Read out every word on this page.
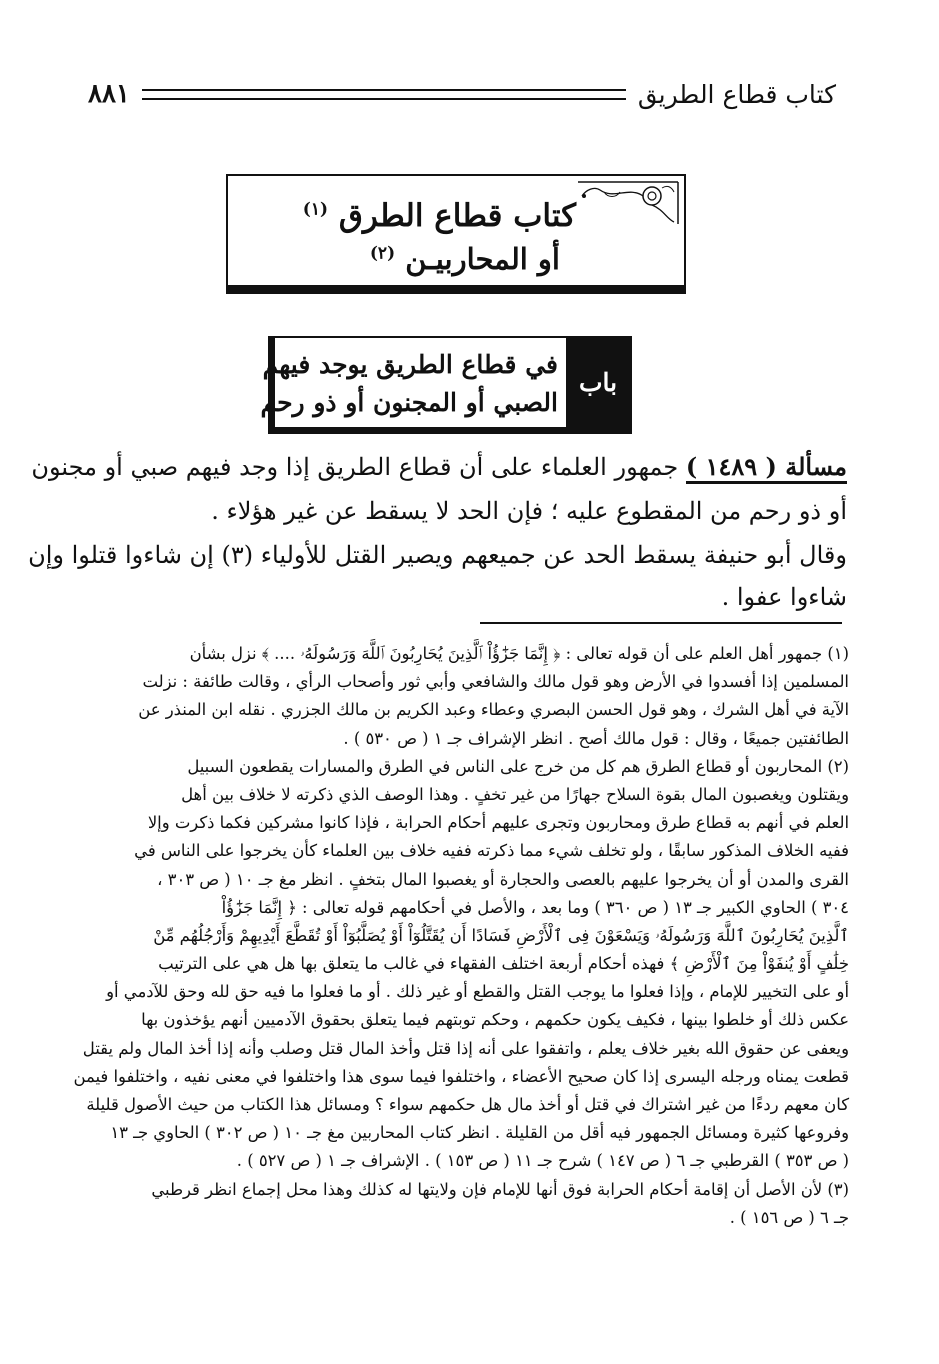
كتاب قطاع الطريق
٨٨١
كتاب قطاع الطرق $^{(١)}$
أو المحاربيـن $^{(٢)}$
باب
في قطاع الطريق يوجد فيهم
الصبي أو المجنون أو ذو رحم
مسألة ( ١٤٨٩ ) جمهور العلماء على أن قطاع الطريق إذا وجد فيهم صبي أو مجنون
أو ذو رحم من المقطوع عليه ؛ فإن الحد لا يسقط عن غير هؤلاء .
وقال أبو حنيفة يسقط الحد عن جميعهم ويصير القتل للأولياء (٣) إن شاءوا قتلوا وإن
شاءوا عفوا .
(١) جمهور أهل العلم على أن قوله تعالى : ﴿ إِنَّمَا جَزَٰٓؤُاْ ٱلَّذِينَ يُحَارِبُونَ ٱللَّهَ وَرَسُولَهُۥ .... ﴾ نزل بشأن
المسلمين إذا أفسدوا في الأرض وهو قول مالك والشافعي وأبي ثور وأصحاب الرأي ، وقالت طائفة : نزلت
الآية في أهل الشرك ، وهو قول الحسن البصري وعطاء وعبد الكريم بن مالك الجزري . نقله ابن المنذر عن
الطائفتين جميعًا ، وقال : قول مالك أصح . انظر الإشراف جـ ١ ( ص ٥٣٠ ) .
(٢) المحاربون أو قطاع الطرق هم كل من خرج على الناس في الطرق والمسارات يقطعون السبيل
ويقتلون ويغصبون المال بقوة السلاح جهارًا من غير تخفٍ . وهذا الوصف الذي ذكرته لا خلاف بين أهل
العلم في أنهم به قطاع طرق ومحاربون وتجرى عليهم أحكام الحرابة ، فإذا كانوا مشركين فكما ذكرت وإلا
ففيه الخلاف المذكور سابقًا ، ولو تخلف شيء مما ذكرته ففيه خلاف بين العلماء كأن يخرجوا على الناس في
القرى والمدن أو أن يخرجوا عليهم بالعصى والحجارة أو يغصبوا المال بتخفٍ . انظر مغ جـ ١٠ ( ص ٣٠٣ ،
٣٠٤ ) الحاوي الكبير جـ ١٣ ( ص ٣٦٠ ) وما بعد ، والأصل في أحكامهم قوله تعالى : ﴿ إِنَّمَا جَزَٰٓؤُاْ
ٱلَّذِينَ يُحَارِبُونَ ٱللَّهَ وَرَسُولَهُۥ وَيَسْعَوْنَ فِى ٱلْأَرْضِ فَسَادًا أَن يُقَتَّلُوٓاْ أَوْ يُصَلَّبُوٓاْ أَوْ تُقَطَّعَ أَيْدِيهِمْ وَأَرْجُلُهُم مِّنْ
خِلَٰفٍ أَوْ يُنفَوْاْ مِنَ ٱلْأَرْضِ ﴾ فهذه أحكام أربعة اختلف الفقهاء في غالب ما يتعلق بها هل هي على الترتيب
أو على التخيير للإمام ، وإذا فعلوا ما يوجب القتل والقطع أو غير ذلك . أو ما فعلوا ما فيه حق لله وحق للآدمي أو
عكس ذلك أو خلطوا بينها ، فكيف يكون حكمهم ، وحكم توبتهم فيما يتعلق بحقوق الآدميين أنهم يؤخذون بها
ويعفى عن حقوق الله بغير خلاف يعلم ، واتفقوا على أنه إذا قتل وأخذ المال قتل وصلب وأنه إذا أخذ المال ولم يقتل
قطعت يمناه ورجله اليسرى إذا كان صحيح الأعضاء ، واختلفوا فيما سوى هذا واختلفوا في معنى نفيه ، واختلفوا فيمن
كان معهم ردءًا من غير اشتراك في قتل أو أخذ مال هل حكمهم سواء ؟ ومسائل هذا الكتاب من حيث الأصول قليلة
وفروعها كثيرة ومسائل الجمهور فيه أقل من القليلة . انظر كتاب المحاربين مغ جـ ١٠ ( ص ٣٠٢ ) الحاوي جـ ١٣
( ص ٣٥٣ ) القرطبي جـ ٦ ( ص ١٤٧ ) شرح جـ ١١ ( ص ١٥٣ ) . الإشراف جـ ١ ( ص ٥٢٧ ) .
(٣) لأن الأصل أن إقامة أحكام الحرابة فوق أنها للإمام فإن ولايتها له كذلك وهذا محل إجماع انظر قرطبي
جـ ٦ ( ص ١٥٦ ) .
